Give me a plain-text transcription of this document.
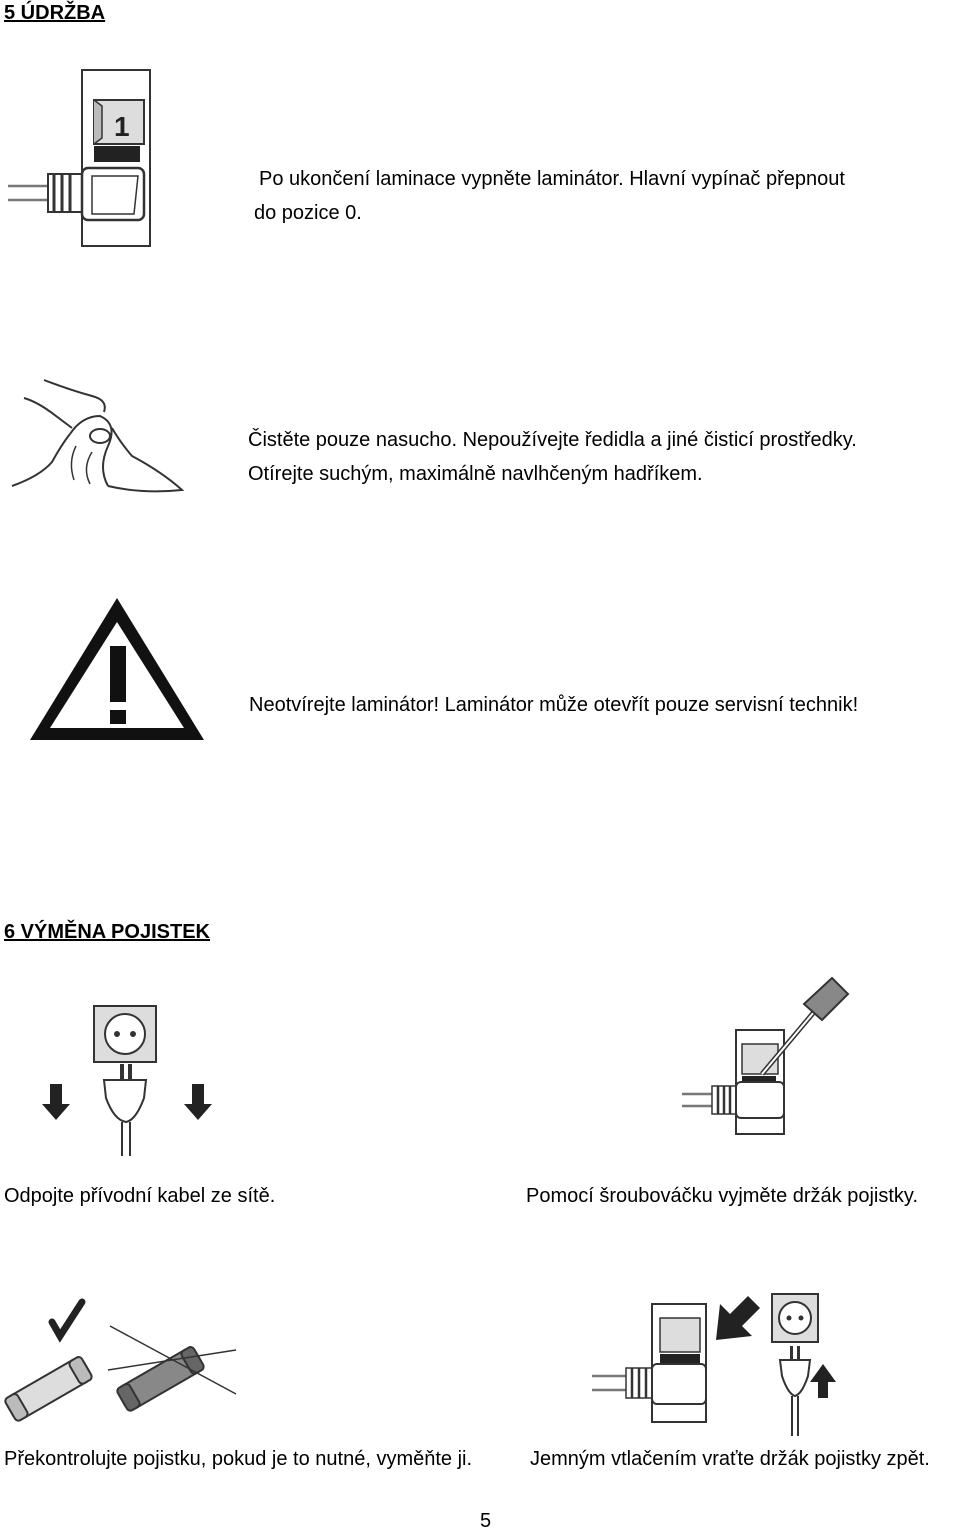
5 ÚDRŽBA
1
Po ukončení laminace vypněte laminátor. Hlavní vypínač přepnout
do pozice 0.
Čistěte pouze nasucho. Nepoužívejte ředidla a jiné čisticí prostředky.
Otírejte suchým, maximálně navlhčeným hadříkem.
Neotvírejte laminátor! Laminátor může otevřít pouze servisní technik!
6 VÝMĚNA POJISTEK
Odpojte přívodní kabel ze sítě.	Pomocí šroubováčku vyjměte držák pojistky.
Překontrolujte pojistku, pokud je to nutné, vyměňte ji.	Jemným vtlačením vraťte držák pojistky zpět.
5
